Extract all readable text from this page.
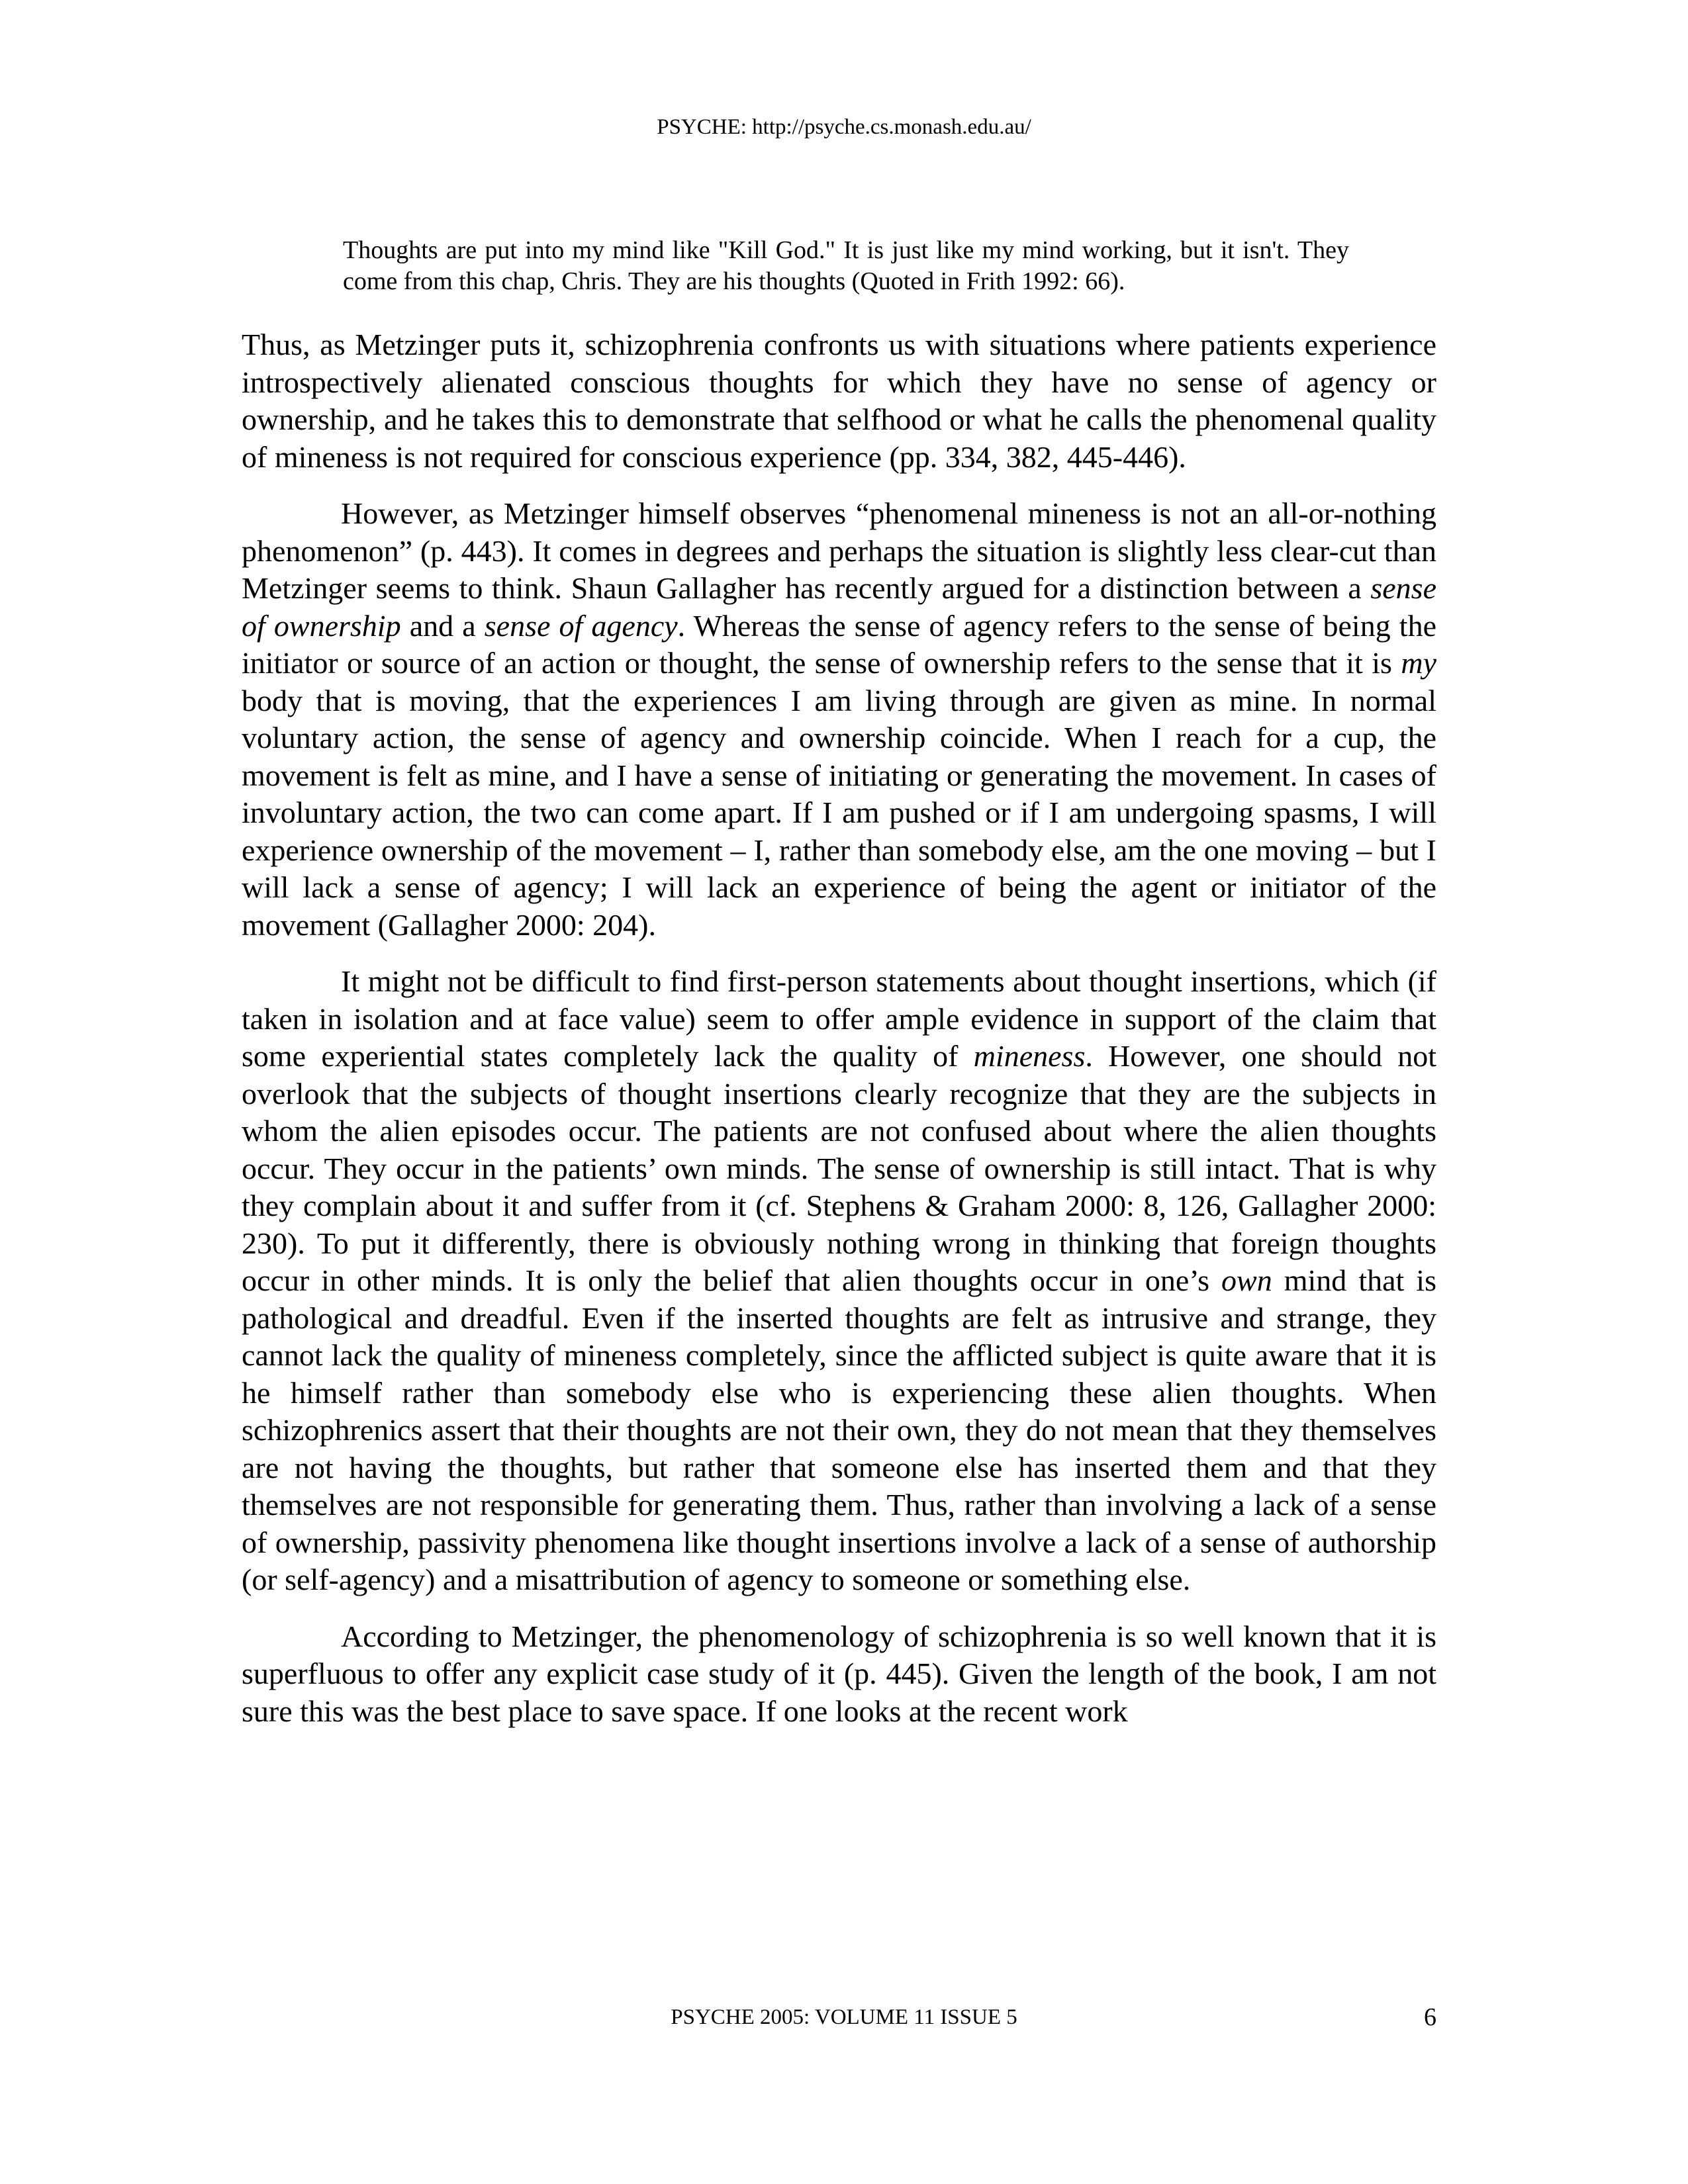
PSYCHE: http://psyche.cs.monash.edu.au/
Thoughts are put into my mind like "Kill God." It is just like my mind working, but it isn't. They come from this chap, Chris. They are his thoughts (Quoted in Frith 1992: 66).

Thus, as Metzinger puts it, schizophrenia confronts us with situations where patients experience introspectively alienated conscious thoughts for which they have no sense of agency or ownership, and he takes this to demonstrate that selfhood or what he calls the phenomenal quality of mineness is not required for conscious experience (pp. 334, 382, 445-446).

However, as Metzinger himself observes “phenomenal mineness is not an all-or-nothing phenomenon” (p. 443). It comes in degrees and perhaps the situation is slightly less clear-cut than Metzinger seems to think. Shaun Gallagher has recently argued for a distinction between a sense of ownership and a sense of agency. Whereas the sense of agency refers to the sense of being the initiator or source of an action or thought, the sense of ownership refers to the sense that it is my body that is moving, that the experiences I am living through are given as mine. In normal voluntary action, the sense of agency and ownership coincide. When I reach for a cup, the movement is felt as mine, and I have a sense of initiating or generating the movement. In cases of involuntary action, the two can come apart. If I am pushed or if I am undergoing spasms, I will experience ownership of the movement – I, rather than somebody else, am the one moving – but I will lack a sense of agency; I will lack an experience of being the agent or initiator of the movement (Gallagher 2000: 204).

It might not be difficult to find first-person statements about thought insertions, which (if taken in isolation and at face value) seem to offer ample evidence in support of the claim that some experiential states completely lack the quality of mineness. However, one should not overlook that the subjects of thought insertions clearly recognize that they are the subjects in whom the alien episodes occur. The patients are not confused about where the alien thoughts occur. They occur in the patients’ own minds. The sense of ownership is still intact. That is why they complain about it and suffer from it (cf. Stephens & Graham 2000: 8, 126, Gallagher 2000: 230). To put it differently, there is obviously nothing wrong in thinking that foreign thoughts occur in other minds. It is only the belief that alien thoughts occur in one’s own mind that is pathological and dreadful. Even if the inserted thoughts are felt as intrusive and strange, they cannot lack the quality of mineness completely, since the afflicted subject is quite aware that it is he himself rather than somebody else who is experiencing these alien thoughts. When schizophrenics assert that their thoughts are not their own, they do not mean that they themselves are not having the thoughts, but rather that someone else has inserted them and that they themselves are not responsible for generating them. Thus, rather than involving a lack of a sense of ownership, passivity phenomena like thought insertions involve a lack of a sense of authorship (or self-agency) and a misattribution of agency to someone or something else.

According to Metzinger, the phenomenology of schizophrenia is so well known that it is superfluous to offer any explicit case study of it (p. 445). Given the length of the book, I am not sure this was the best place to save space. If one looks at the recent work

PSYCHE 2005: VOLUME 11 ISSUE 5	6
